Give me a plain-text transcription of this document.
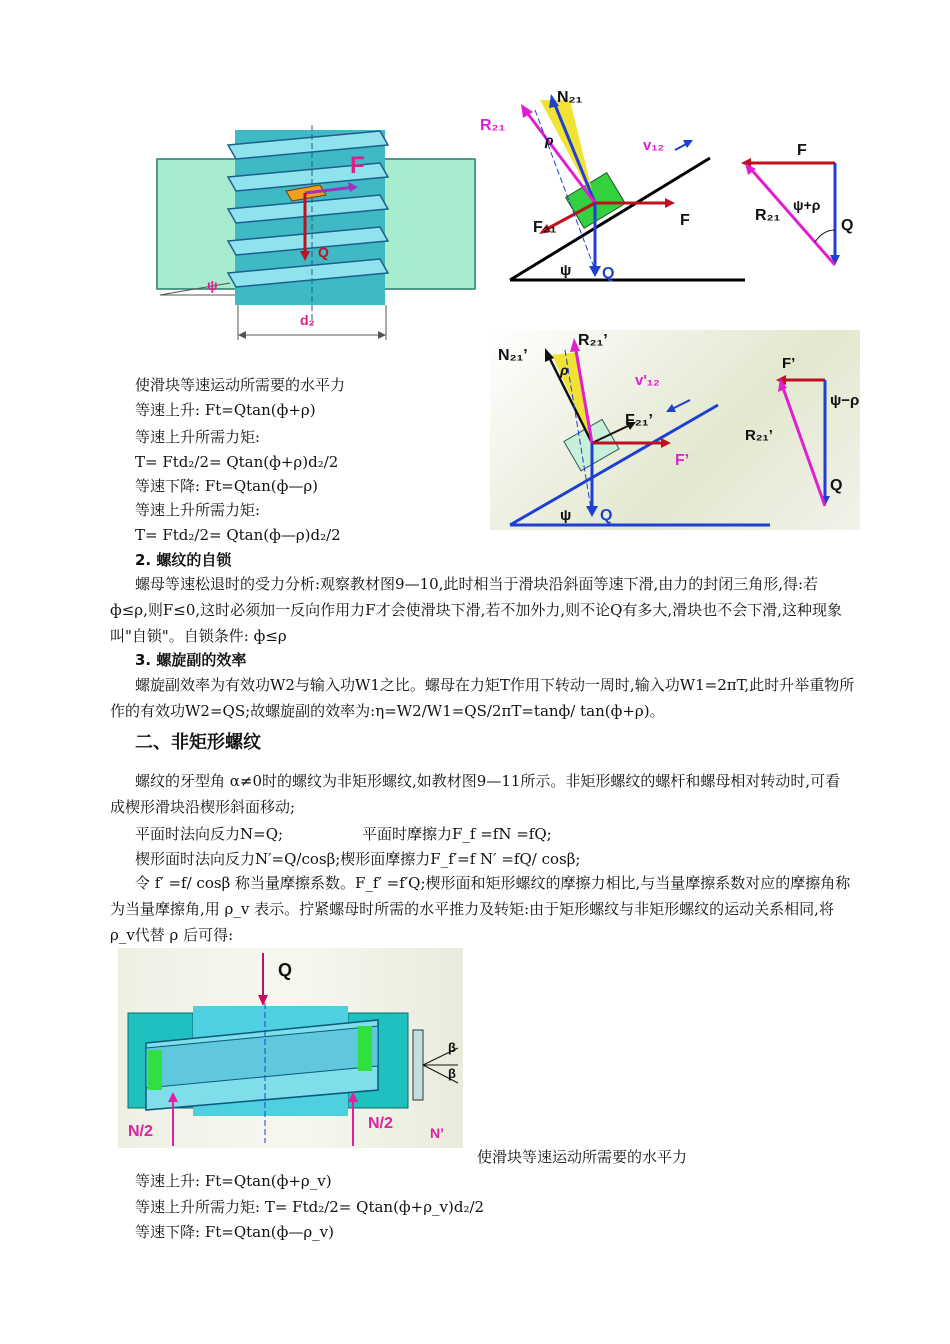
F
Q
ψ
d₂
R₂₁
N₂₁
ρ	v₁₂
F₂₁	F
ψ Q
F
R₂₁
ψ+ρ
Q
N₂₁’
R₂₁’
ρ
v'₁₂
F₂₁’
F’
ψ Q
F’
ψ−ρ
R₂₁’
Q
使滑块等速运动所需要的水平力
等速上升: Ft=Qtan(ф+ρ)
等速上升所需力矩:
T= Ftd₂/2= Qtan(ф+ρ)d₂/2
等速下降: Ft=Qtan(ф—ρ)
等速上升所需力矩:
T= Ftd₂/2= Qtan(ф—ρ)d₂/2
2. 螺纹的自锁
螺母等速松退时的受力分析:观察教材图9—10,此时相当于滑块沿斜面等速下滑,由力的封闭三角形,得:若 ф≤ρ,则F≤0,这时必须加一反向作用力F才会使滑块下滑,若不加外力,则不论Q有多大,滑块也不会下滑,这种现象叫"自锁"。自锁条件: ф≤ρ
3. 螺旋副的效率
螺旋副效率为有效功W2与输入功W1之比。螺母在力矩T作用下转动一周时,输入功W1=2πT,此时升举重物所作的有效功W2=QS;故螺旋副的效率为:η=W2/W1=QS/2πT=tanф/ tan(ф+ρ)。
二、非矩形螺纹
螺纹的牙型角 α≠0时的螺纹为非矩形螺纹,如教材图9—11所示。非矩形螺纹的螺杆和螺母相对转动时,可看成楔形滑块沿楔形斜面移动;
平面时法向反力N=Q;	平面时摩擦力F_f =fN =fQ;
楔形面时法向反力N′=Q/cosβ;楔形面摩擦力F_f′=f N′ =fQ/ cosβ;
令 f′ =f/ cosβ 称当量摩擦系数。F_f′ =f′Q;楔形面和矩形螺纹的摩擦力相比,与当量摩擦系数对应的摩擦角称为当量摩擦角,用 ρ_v 表示。拧紧螺母时所需的水平推力及转矩:由于矩形螺纹与非矩形螺纹的运动关系相同,将 ρ_v代替 ρ 后可得:
Q
β
β
N/2	N/2
N’
使滑块等速运动所需要的水平力
等速上升: Ft=Qtan(ф+ρ_v)
等速上升所需力矩: T= Ftd₂/2= Qtan(ф+ρ_v)d₂/2
等速下降: Ft=Qtan(ф—ρ_v)
